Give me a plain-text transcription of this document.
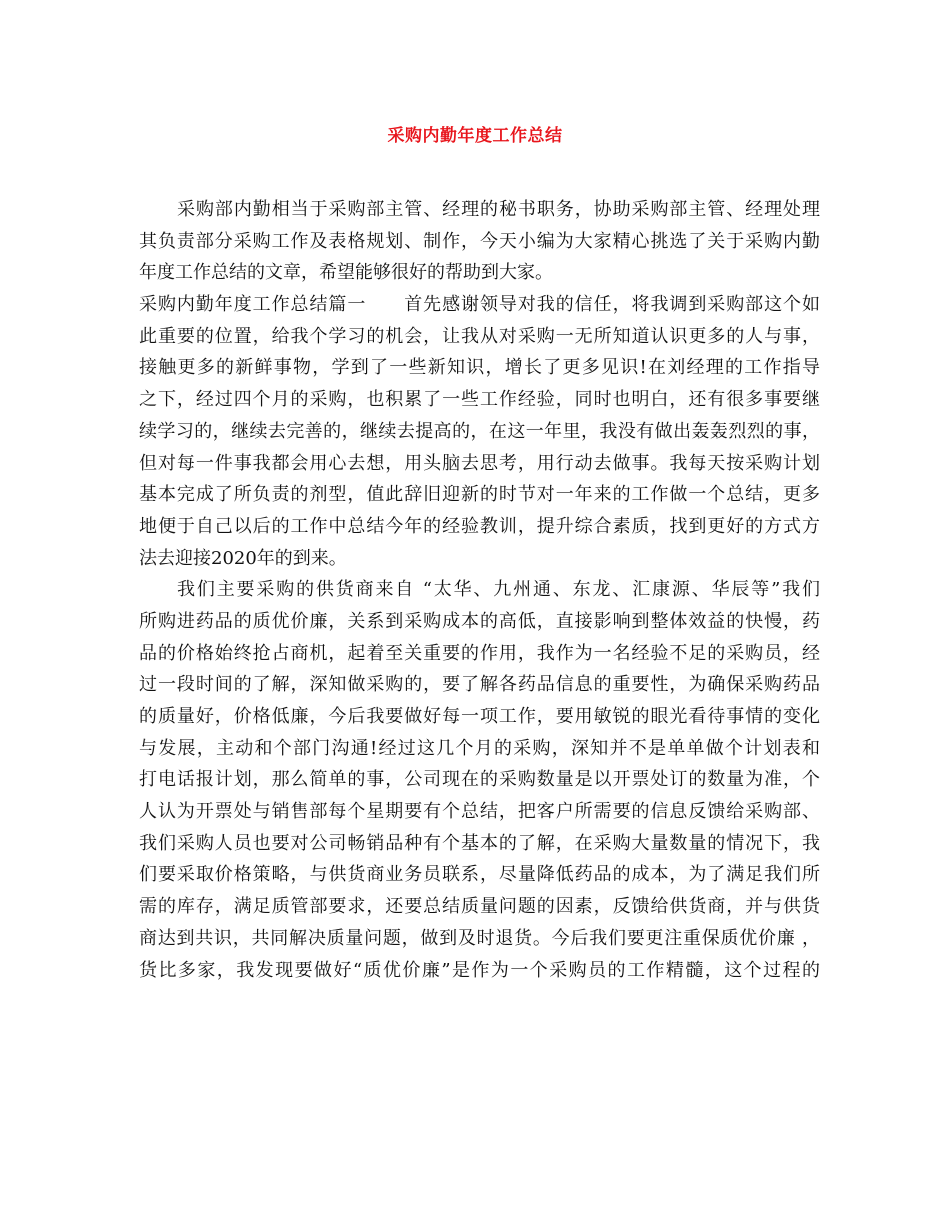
采购内勤年度工作总结
采购部内勤相当于采购部主管、经理的秘书职务，协助采购部主管、经理处理
其负责部分采购工作及表格规划、制作，今天小编为大家精心挑选了关于采购内勤
年度工作总结的文章，希望能够很好的帮助到大家。
采购内勤年度工作总结篇一　　首先感谢领导对我的信任，将我调到采购部这个如
此重要的位置，给我个学习的机会，让我从对采购一无所知道认识更多的人与事，
接触更多的新鲜事物，学到了一些新知识，增长了更多见识!在刘经理的工作指导
之下，经过四个月的采购，也积累了一些工作经验，同时也明白，还有很多事要继
续学习的，继续去完善的，继续去提高的，在这一年里，我没有做出轰轰烈烈的事，
但对每一件事我都会用心去想，用头脑去思考，用行动去做事。我每天按采购计划
基本完成了所负责的剂型，值此辞旧迎新的时节对一年来的工作做一个总结，更多
地便于自己以后的工作中总结今年的经验教训，提升综合素质，找到更好的方式方
法去迎接2020年的到来。
我们主要采购的供货商来自 “太华、九州通、东龙、汇康源、华辰等”我们
所购进药品的质优价廉，关系到采购成本的高低，直接影响到整体效益的快慢，药
品的价格始终抢占商机，起着至关重要的作用，我作为一名经验不足的采购员，经
过一段时间的了解，深知做采购的，要了解各药品信息的重要性，为确保采购药品
的质量好，价格低廉，今后我要做好每一项工作，要用敏锐的眼光看待事情的变化
与发展，主动和个部门沟通!经过这几个月的采购，深知并不是单单做个计划表和
打电话报计划，那么简单的事，公司现在的采购数量是以开票处订的数量为准，个
人认为开票处与销售部每个星期要有个总结，把客户所需要的信息反馈给采购部、
我们采购人员也要对公司畅销品种有个基本的了解，在采购大量数量的情况下，我
们要采取价格策略，与供货商业务员联系，尽量降低药品的成本，为了满足我们所
需的库存，满足质管部要求，还要总结质量问题的因素，反馈给供货商，并与供货
商达到共识，共同解决质量问题，做到及时退货。今后我们要更注重保质优价廉 ，
货比多家，我发现要做好“质优价廉”是作为一个采购员的工作精髓，这个过程的
